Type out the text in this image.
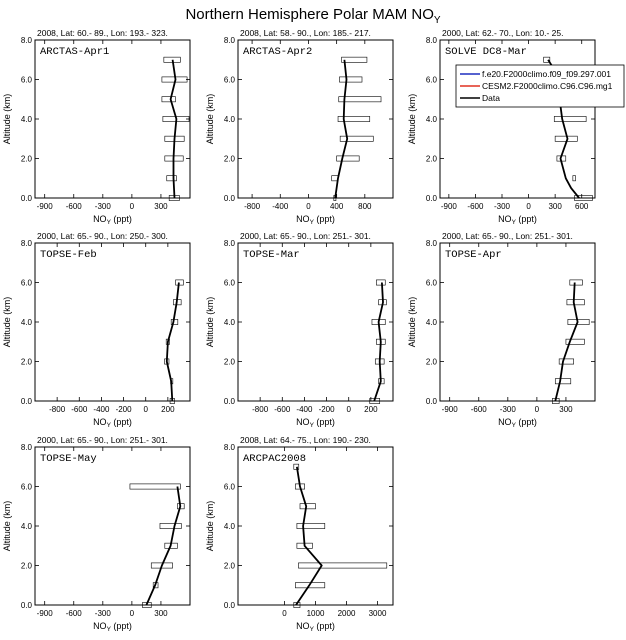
Northern Hemisphere Polar MAM $NO_Y$
2008, Lat: 60.- 89., Lon: 193.- 323.
ARCTAS-Apr1
-900 -600 -300 0	300
0.0
2.0
4.0
6.0
8.0
$NO_Y$ (ppt)
Altitude (km)
2008, Lat: 58.- 90., Lon: 185.- 217.
ARCTAS-Apr2
-800 -400 0 400 800
0.0
2.0
4.0
6.0
8.0
$NO_Y$ (ppt)
Altitude (km)
2000, Lat: 62.- 70., Lon: 10.- 25.
SOLVE DC8-Mar
-900 -600 -300 0 300 600
0.0
2.0
4.0
6.0
8.0
$NO_Y$ (ppt)
Altitude (km)
2000, Lat: 65.- 90., Lon: 250.- 300.
TOPSE-Feb
-800 -600 -400 -200 0 200
0.0
2.0
4.0
6.0
8.0
$NO_Y$ (ppt)
Altitude (km)
2000, Lat: 65.- 90., Lon: 251.- 301.
TOPSE-Mar
-800 -600 -400 -200 0 200
0.0
2.0
4.0
6.0
8.0
$NO_Y$ (ppt)
Altitude (km)
2000, Lat: 65.- 90., Lon: 251.- 301.
TOPSE-Apr
-900 -600 -300 0	300
0.0
2.0
4.0
6.0
8.0
$NO_Y$ (ppt)
Altitude (km)
2000, Lat: 65.- 90., Lon: 251.- 301.
TOPSE-May
-900 -600 -300 0	300
0.0
2.0
4.0
6.0
8.0
$NO_Y$ (ppt)
Altitude (km)
2008, Lat: 64.- 75., Lon: 190.- 230.
ARCPAC2008
0 1000 2000 3000
0.0
2.0
4.0
6.0
8.0
$NO_Y$ (ppt)
Altitude (km)
f.e20.F2000climo.f09_f09.297.001
CESM2.F2000climo.C96.C96.mg1
Data
